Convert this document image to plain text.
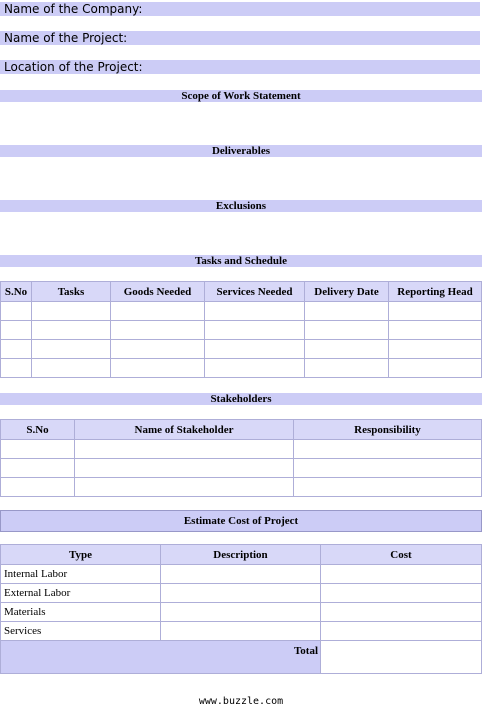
Name of the Company:
Name of the Project:
Location of the Project:
Scope of Work Statement
Deliverables
Exclusions
Tasks and Schedule
S.No	Tasks	Goods Needed	Services Needed	Delivery Date	Reporting Head

Stakeholders
S.No	Name of Stakeholder	Responsibility

Estimate Cost of Project
Type	Description	Cost
Internal Labor		
External Labor		
Materials		
Services		
Total		
www.buzzle.com
